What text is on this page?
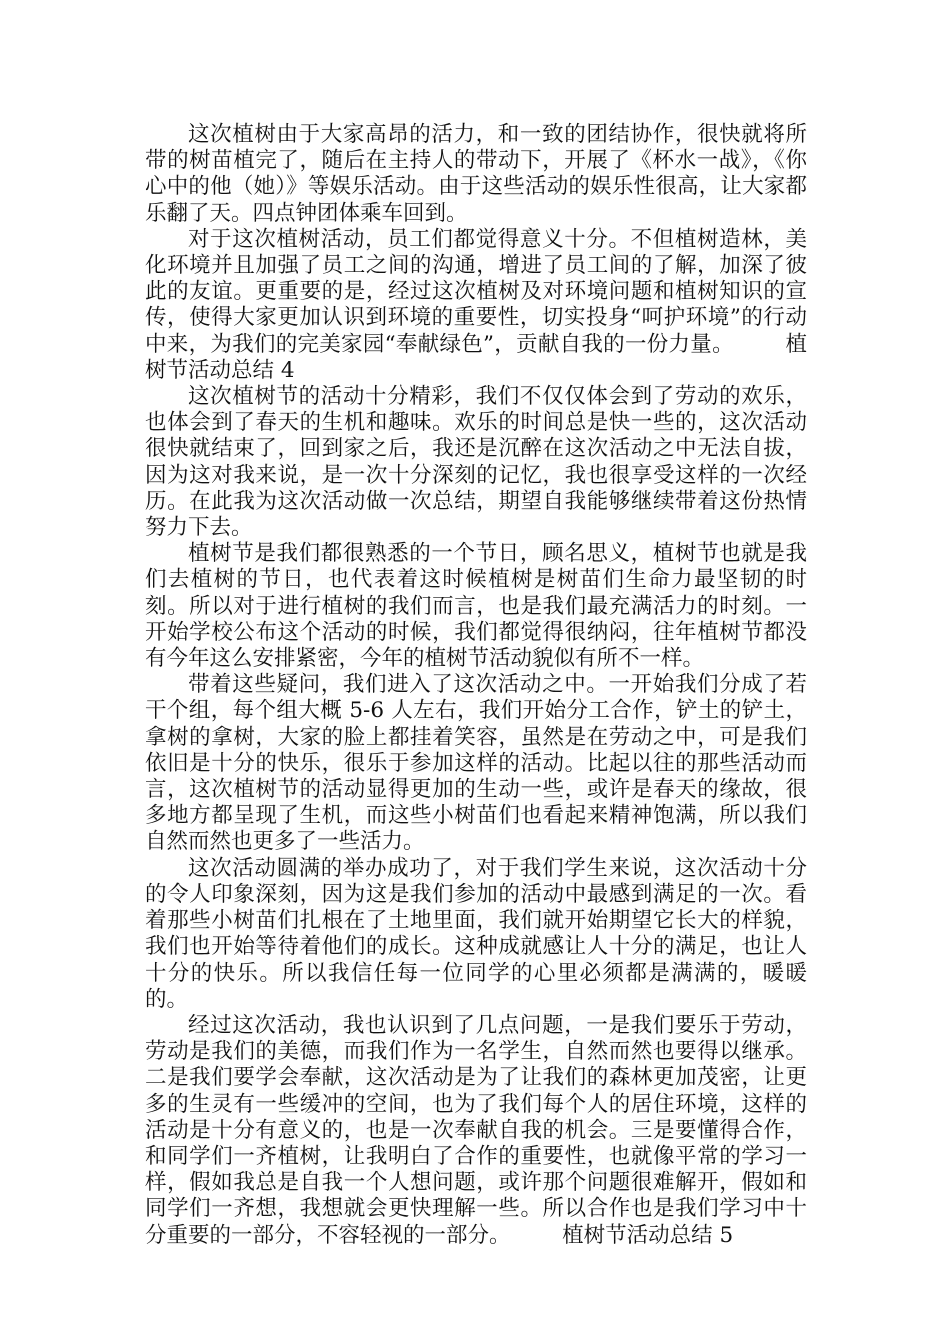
这次植树由于大家高昂的活力，和一致的团结协作，很快就将所带的树苗植完了，随后在主持人的带动下，开展了《杯水一战》，《你心中的他（她）》等娱乐活动。由于这些活动的娱乐性很高，让大家都乐翻了天。四点钟团体乘车回到。

对于这次植树活动，员工们都觉得意义十分。不但植树造林，美化环境并且加强了员工之间的沟通，增进了员工间的了解，加深了彼此的友谊。更重要的是，经过这次植树及对环境问题和植树知识的宣传，使得大家更加认识到环境的重要性，切实投身“呵护环境”的行动中来，为我们的完美家园“奉献绿色”，贡献自我的一份力量。 植树节活动总结 4

这次植树节的活动十分精彩，我们不仅仅体会到了劳动的欢乐，也体会到了春天的生机和趣味。欢乐的时间总是快一些的，这次活动很快就结束了，回到家之后，我还是沉醉在这次活动之中无法自拔，因为这对我来说，是一次十分深刻的记忆，我也很享受这样的一次经历。在此我为这次活动做一次总结，期望自我能够继续带着这份热情努力下去。

植树节是我们都很熟悉的一个节日，顾名思义，植树节也就是我们去植树的节日，也代表着这时候植树是树苗们生命力最坚韧的时刻。所以对于进行植树的我们而言，也是我们最充满活力的时刻。一开始学校公布这个活动的时候，我们都觉得很纳闷，往年植树节都没有今年这么安排紧密，今年的植树节活动貌似有所不一样。

带着这些疑问，我们进入了这次活动之中。一开始我们分成了若干个组，每个组大概 5-6 人左右，我们开始分工合作，铲土的铲土，拿树的拿树，大家的脸上都挂着笑容，虽然是在劳动之中，可是我们依旧是十分的快乐，很乐于参加这样的活动。比起以往的那些活动而言，这次植树节的活动显得更加的生动一些，或许是春天的缘故，很多地方都呈现了生机，而这些小树苗们也看起来精神饱满，所以我们自然而然也更多了一些活力。

这次活动圆满的举办成功了，对于我们学生来说，这次活动十分的令人印象深刻，因为这是我们参加的活动中最感到满足的一次。看着那些小树苗们扎根在了土地里面，我们就开始期望它长大的样貌，我们也开始等待着他们的成长。这种成就感让人十分的满足，也让人十分的快乐。所以我信任每一位同学的心里必须都是满满的，暖暖的。

经过这次活动，我也认识到了几点问题，一是我们要乐于劳动，劳动是我们的美德，而我们作为一名学生，自然而然也要得以继承。二是我们要学会奉献，这次活动是为了让我们的森林更加茂密，让更多的生灵有一些缓冲的空间，也为了我们每个人的居住环境，这样的活动是十分有意义的，也是一次奉献自我的机会。三是要懂得合作，和同学们一齐植树，让我明白了合作的重要性，也就像平常的学习一样，假如我总是自我一个人想问题，或许那个问题很难解开，假如和同学们一齐想，我想就会更快理解一些。所以合作也是我们学习中十分重要的一部分，不容轻视的一部分。 植树节活动总结 5
